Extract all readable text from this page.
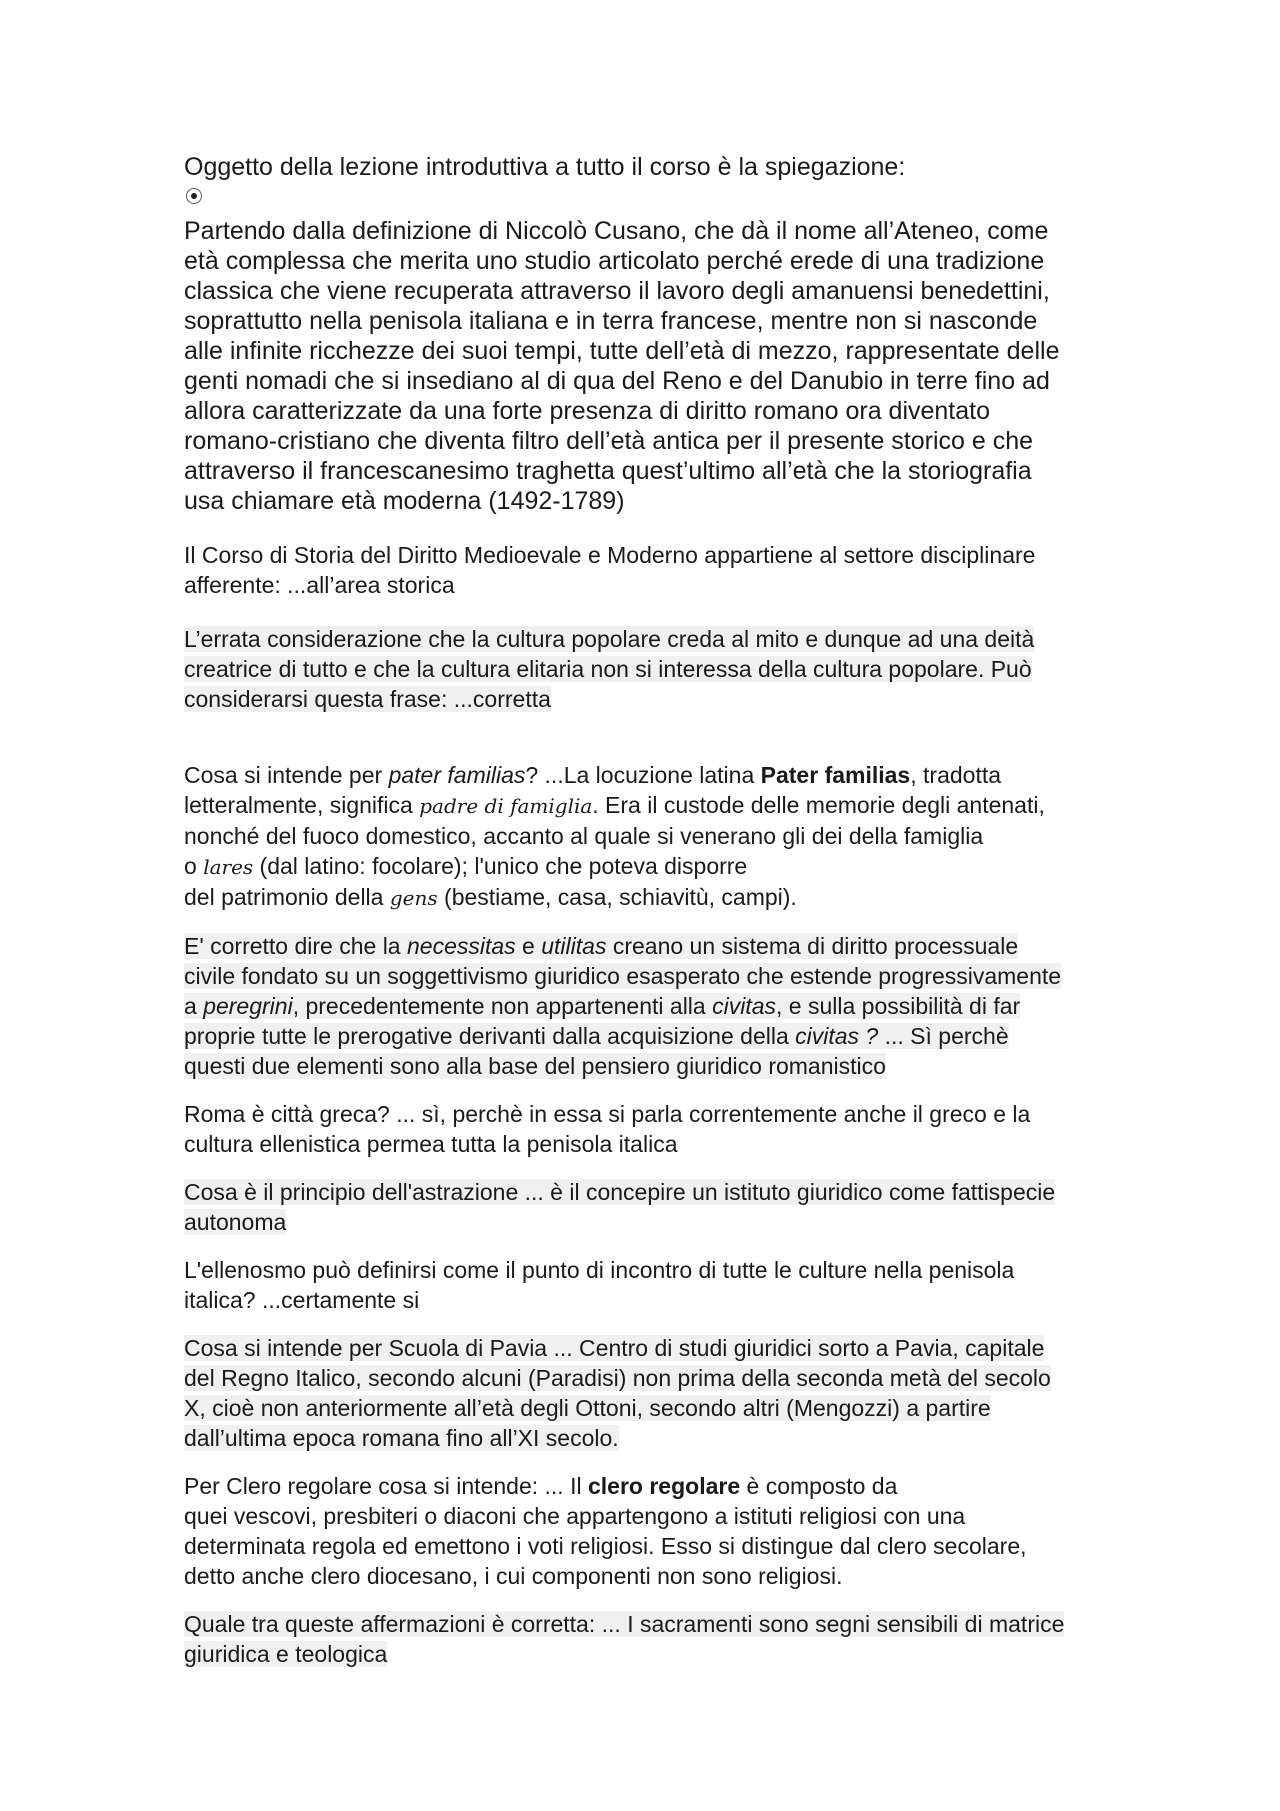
Oggetto della lezione introduttiva a tutto il corso è la spiegazione:

Partendo dalla definizione di Niccolò Cusano, che dà il nome all’Ateneo, come
età complessa che merita uno studio articolato perché erede di una tradizione
classica che viene recuperata attraverso il lavoro degli amanuensi benedettini,
soprattutto nella penisola italiana e in terra francese, mentre non si nasconde
alle infinite ricchezze dei suoi tempi, tutte dell’età di mezzo, rappresentate delle
genti nomadi che si insediano al di qua del Reno e del Danubio in terre fino ad
allora caratterizzate da una forte presenza di diritto romano ora diventato
romano-cristiano che diventa filtro dell’età antica per il presente storico e che
attraverso il francescanesimo traghetta quest’ultimo all’età che la storiografia
usa chiamare età moderna (1492-1789)

Il Corso di Storia del Diritto Medioevale e Moderno appartiene al settore disciplinare
afferente: ...all’area storica

L’errata considerazione che la cultura popolare creda al mito e dunque ad una deità
creatrice di tutto e che la cultura elitaria non si interessa della cultura popolare. Può
considerarsi questa frase: ...corretta

Cosa si intende per pater familias? ...La locuzione latina Pater familias, tradotta
letteralmente, significa padre di famiglia. Era il custode delle memorie degli antenati,
nonché del fuoco domestico, accanto al quale si venerano gli dei della famiglia
o lares (dal latino: focolare); l'unico che poteva disporre
del patrimonio della gens (bestiame, casa, schiavitù, campi).

E' corretto dire che la necessitas e utilitas creano un sistema di diritto processuale
civile fondato su un soggettivismo giuridico esasperato che estende progressivamente
a peregrini, precedentemente non appartenenti alla civitas, e sulla possibilità di far
proprie tutte le prerogative derivanti dalla acquisizione della civitas ? ... Sì perchè
questi due elementi sono alla base del pensiero giuridico romanistico

Roma è città greca? ... sì, perchè in essa si parla correntemente anche il greco e la
cultura ellenistica permea tutta la penisola italica

Cosa è il principio dell'astrazione ... è il concepire un istituto giuridico come fattispecie
autonoma

L'ellenosmo può definirsi come il punto di incontro di tutte le culture nella penisola
italica? ...certamente si

Cosa si intende per Scuola di Pavia ... Centro di studi giuridici sorto a Pavia, capitale
del Regno Italico, secondo alcuni (Paradisi) non prima della seconda metà del secolo
X, cioè non anteriormente all’età degli Ottoni, secondo altri (Mengozzi) a partire
dall’ultima epoca romana fino all’XI secolo.

Per Clero regolare cosa si intende: ... Il clero regolare è composto da
quei vescovi, presbiteri o diaconi che appartengono a istituti religiosi con una
determinata regola ed emettono i voti religiosi. Esso si distingue dal clero secolare,
detto anche clero diocesano, i cui componenti non sono religiosi.

Quale tra queste affermazioni è corretta: ... I sacramenti sono segni sensibili di matrice
giuridica e teologica
